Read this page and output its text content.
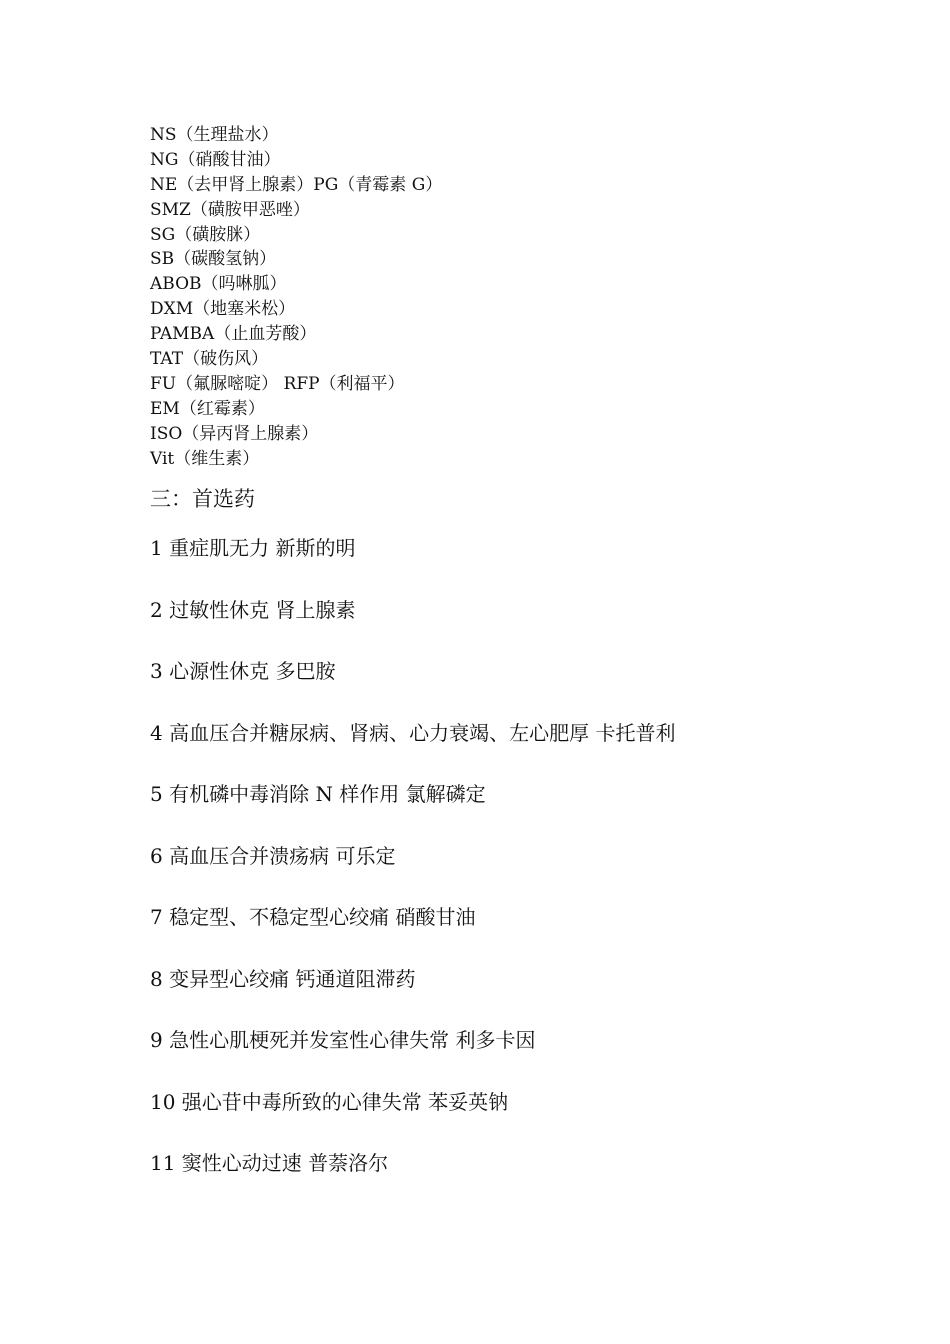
NS（生理盐水）
NG（硝酸甘油）
NE（去甲肾上腺素）PG（青霉素 G）
SMZ（磺胺甲恶唑）
SG（磺胺脒）
SB（碳酸氢钠）
ABOB（吗啉胍）
DXM（地塞米松）
PAMBA（止血芳酸）
TAT（破伤风）
FU（氟脲嘧啶） RFP（利福平）
EM（红霉素）
ISO（异丙肾上腺素）
Vit（维生素）
三：首选药
1 重症肌无力 新斯的明
2 过敏性休克 肾上腺素
3 心源性休克 多巴胺
4 高血压合并糖尿病、肾病、心力衰竭、左心肥厚 卡托普利
5 有机磷中毒消除 N 样作用 氯解磷定
6 高血压合并溃疡病 可乐定
7 稳定型、不稳定型心绞痛 硝酸甘油
8 变异型心绞痛 钙通道阻滞药
9 急性心肌梗死并发室性心律失常 利多卡因
10 强心苷中毒所致的心律失常 苯妥英钠
11 窦性心动过速 普萘洛尔
